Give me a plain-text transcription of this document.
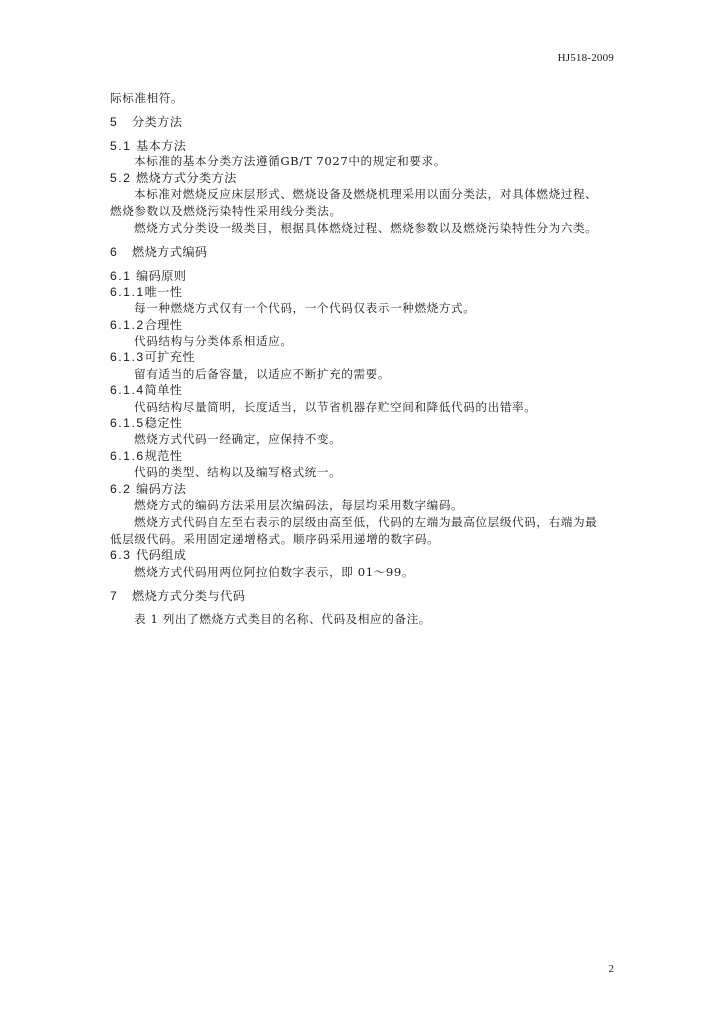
HJ518-2009
际标准相符。
5 分类方法
5.1 基本方法
本标准的基本分类方法遵循GB/T 7027中的规定和要求。
5.2 燃烧方式分类方法
本标准对燃烧反应床层形式、燃烧设备及燃烧机理采用以面分类法，对具体燃烧过程、
燃烧参数以及燃烧污染特性采用线分类法。
燃烧方式分类设一级类目，根据具体燃烧过程、燃烧参数以及燃烧污染特性分为六类。
6 燃烧方式编码
6.1 编码原则
6.1.1唯一性
每一种燃烧方式仅有一个代码，一个代码仅表示一种燃烧方式。
6.1.2合理性
代码结构与分类体系相适应。
6.1.3可扩充性
留有适当的后备容量，以适应不断扩充的需要。
6.1.4简单性
代码结构尽量简明，长度适当，以节省机器存贮空间和降低代码的出错率。
6.1.5稳定性
燃烧方式代码一经确定，应保持不变。
6.1.6规范性
代码的类型、结构以及编写格式统一。
6.2 编码方法
燃烧方式的编码方法采用层次编码法，每层均采用数字编码。
燃烧方式代码自左至右表示的层级由高至低，代码的左端为最高位层级代码，右端为最
低层级代码。采用固定递增格式。顺序码采用递增的数字码。
6.3 代码组成
燃烧方式代码用两位阿拉伯数字表示，即 01～99。
7 燃烧方式分类与代码
表 1 列出了燃烧方式类目的名称、代码及相应的备注。
2
